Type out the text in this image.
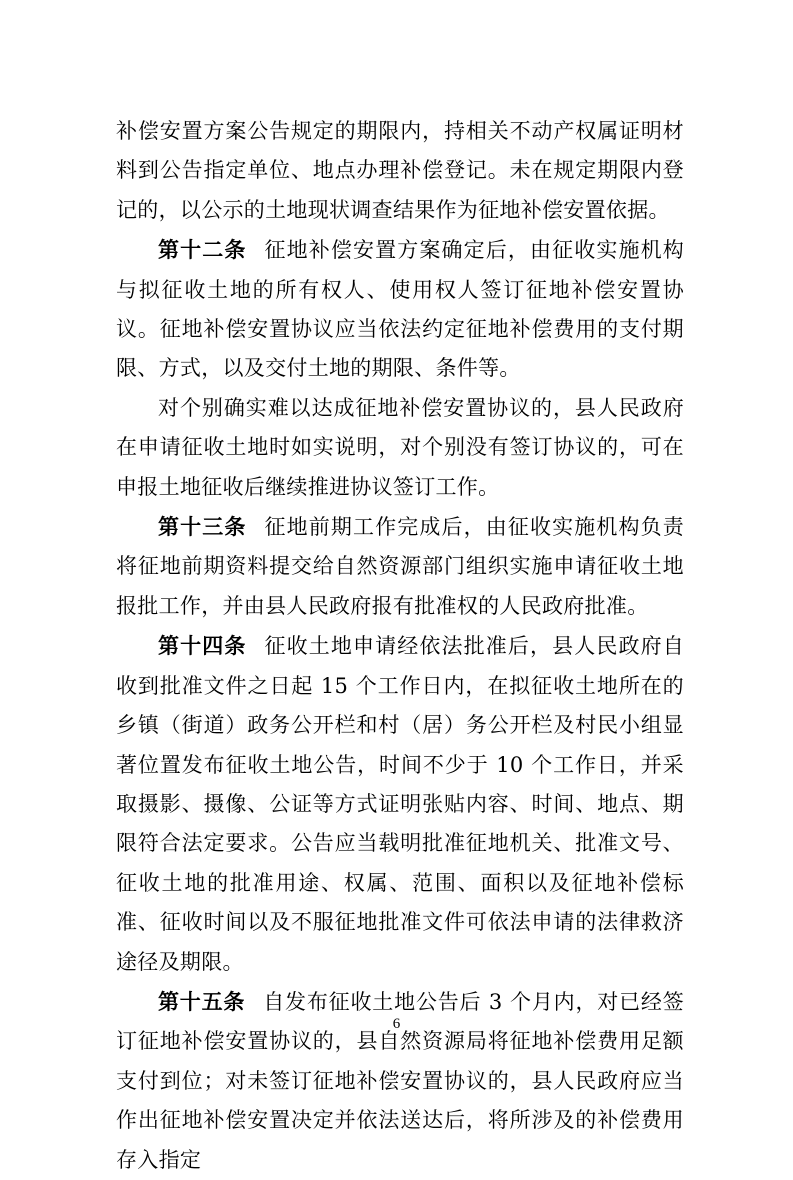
补偿安置方案公告规定的期限内，持相关不动产权属证明材料到公告指定单位、地点办理补偿登记。未在规定期限内登记的，以公示的土地现状调查结果作为征地补偿安置依据。

第十二条 征地补偿安置方案确定后，由征收实施机构与拟征收土地的所有权人、使用权人签订征地补偿安置协议。征地补偿安置协议应当依法约定征地补偿费用的支付期限、方式，以及交付土地的期限、条件等。

对个别确实难以达成征地补偿安置协议的，县人民政府在申请征收土地时如实说明，对个别没有签订协议的，可在申报土地征收后继续推进协议签订工作。

第十三条 征地前期工作完成后，由征收实施机构负责将征地前期资料提交给自然资源部门组织实施申请征收土地报批工作，并由县人民政府报有批准权的人民政府批准。

第十四条 征收土地申请经依法批准后，县人民政府自收到批准文件之日起 15 个工作日内，在拟征收土地所在的乡镇（街道）政务公开栏和村（居）务公开栏及村民小组显著位置发布征收土地公告，时间不少于 10 个工作日，并采取摄影、摄像、公证等方式证明张贴内容、时间、地点、期限符合法定要求。公告应当载明批准征地机关、批准文号、征收土地的批准用途、权属、范围、面积以及征地补偿标准、征收时间以及不服征地批准文件可依法申请的法律救济途径及期限。

第十五条 自发布征收土地公告后 3 个月内，对已经签订征地补偿安置协议的，县自然资源局将征地补偿费用足额支付到位；对未签订征地补偿安置协议的，县人民政府应当作出征地补偿安置决定并依法送达后，将所涉及的补偿费用存入指定

6
